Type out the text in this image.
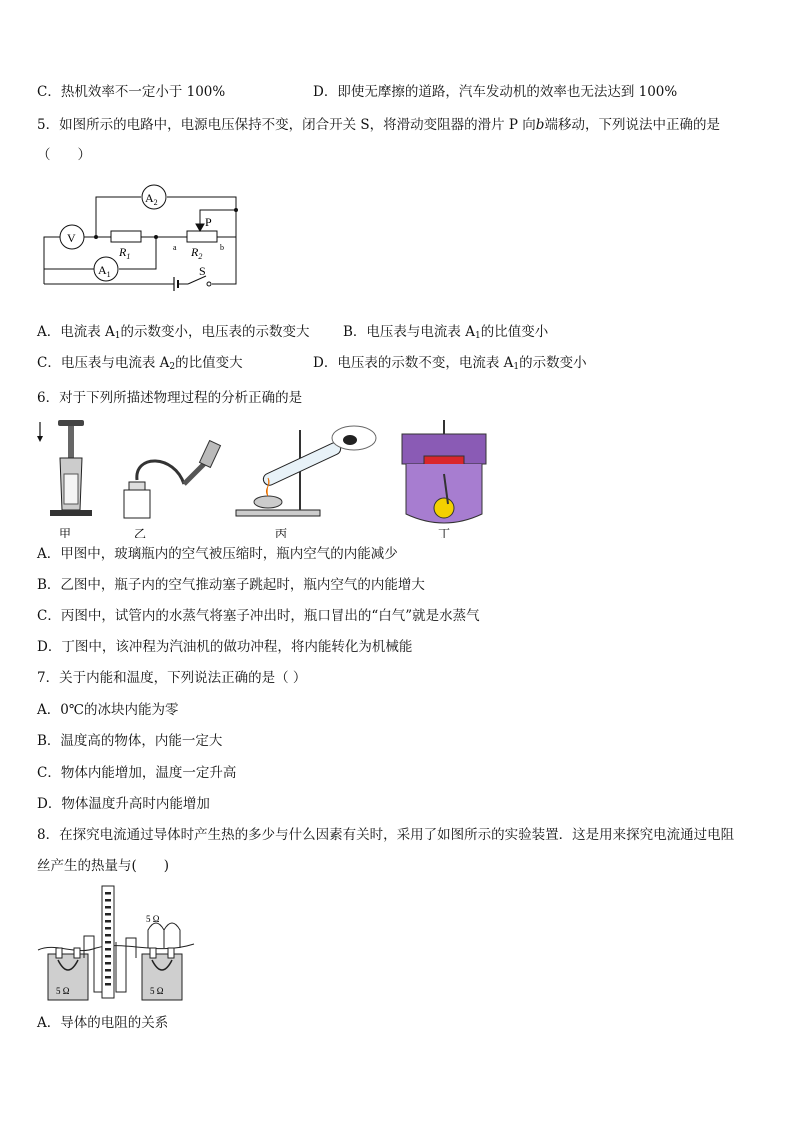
C．热机效率不一定小于 100%	D．即使无摩擦的道路，汽车发动机的效率也无法达到 100%
5．如图所示的电路中，电源电压保持不变，闭合开关 S，将滑动变阻器的滑片 P 向b端移动，下列说法中正确的是
（　　）
$A_2$
V
$R_1$	$R_2$
P
a	b
$A_1$	S
A．电流表 $A_1$的示数变小，电压表的示数变大 B．电压表与电流表 $A_1$的比值变小
C．电压表与电流表 $A_2$的比值变大	D．电压表的示数不变，电流表 $A_1$的示数变小
6．对于下列所描述物理过程的分析正确的是
甲	乙	丙	丁
A．甲图中，玻璃瓶内的空气被压缩时，瓶内空气的内能减少
B．乙图中，瓶子内的空气推动塞子跳起时，瓶内空气的内能增大
C．丙图中，试管内的水蒸气将塞子冲出时，瓶口冒出的“白气”就是水蒸气
D．丁图中，该冲程为汽油机的做功冲程，将内能转化为机械能
7．关于内能和温度，下列说法正确的是（ ）
A．0℃的冰块内能为零
B．温度高的物体，内能一定大
C．物体内能增加，温度一定升高
D．物体温度升高时内能增加
8．在探究电流通过导体时产生热的多少与什么因素有关时，采用了如图所示的实验装置．这是用来探究电流通过电阻
丝产生的热量与(　　)
5 Ω
5 Ω	5 Ω
A．导体的电阻的关系
